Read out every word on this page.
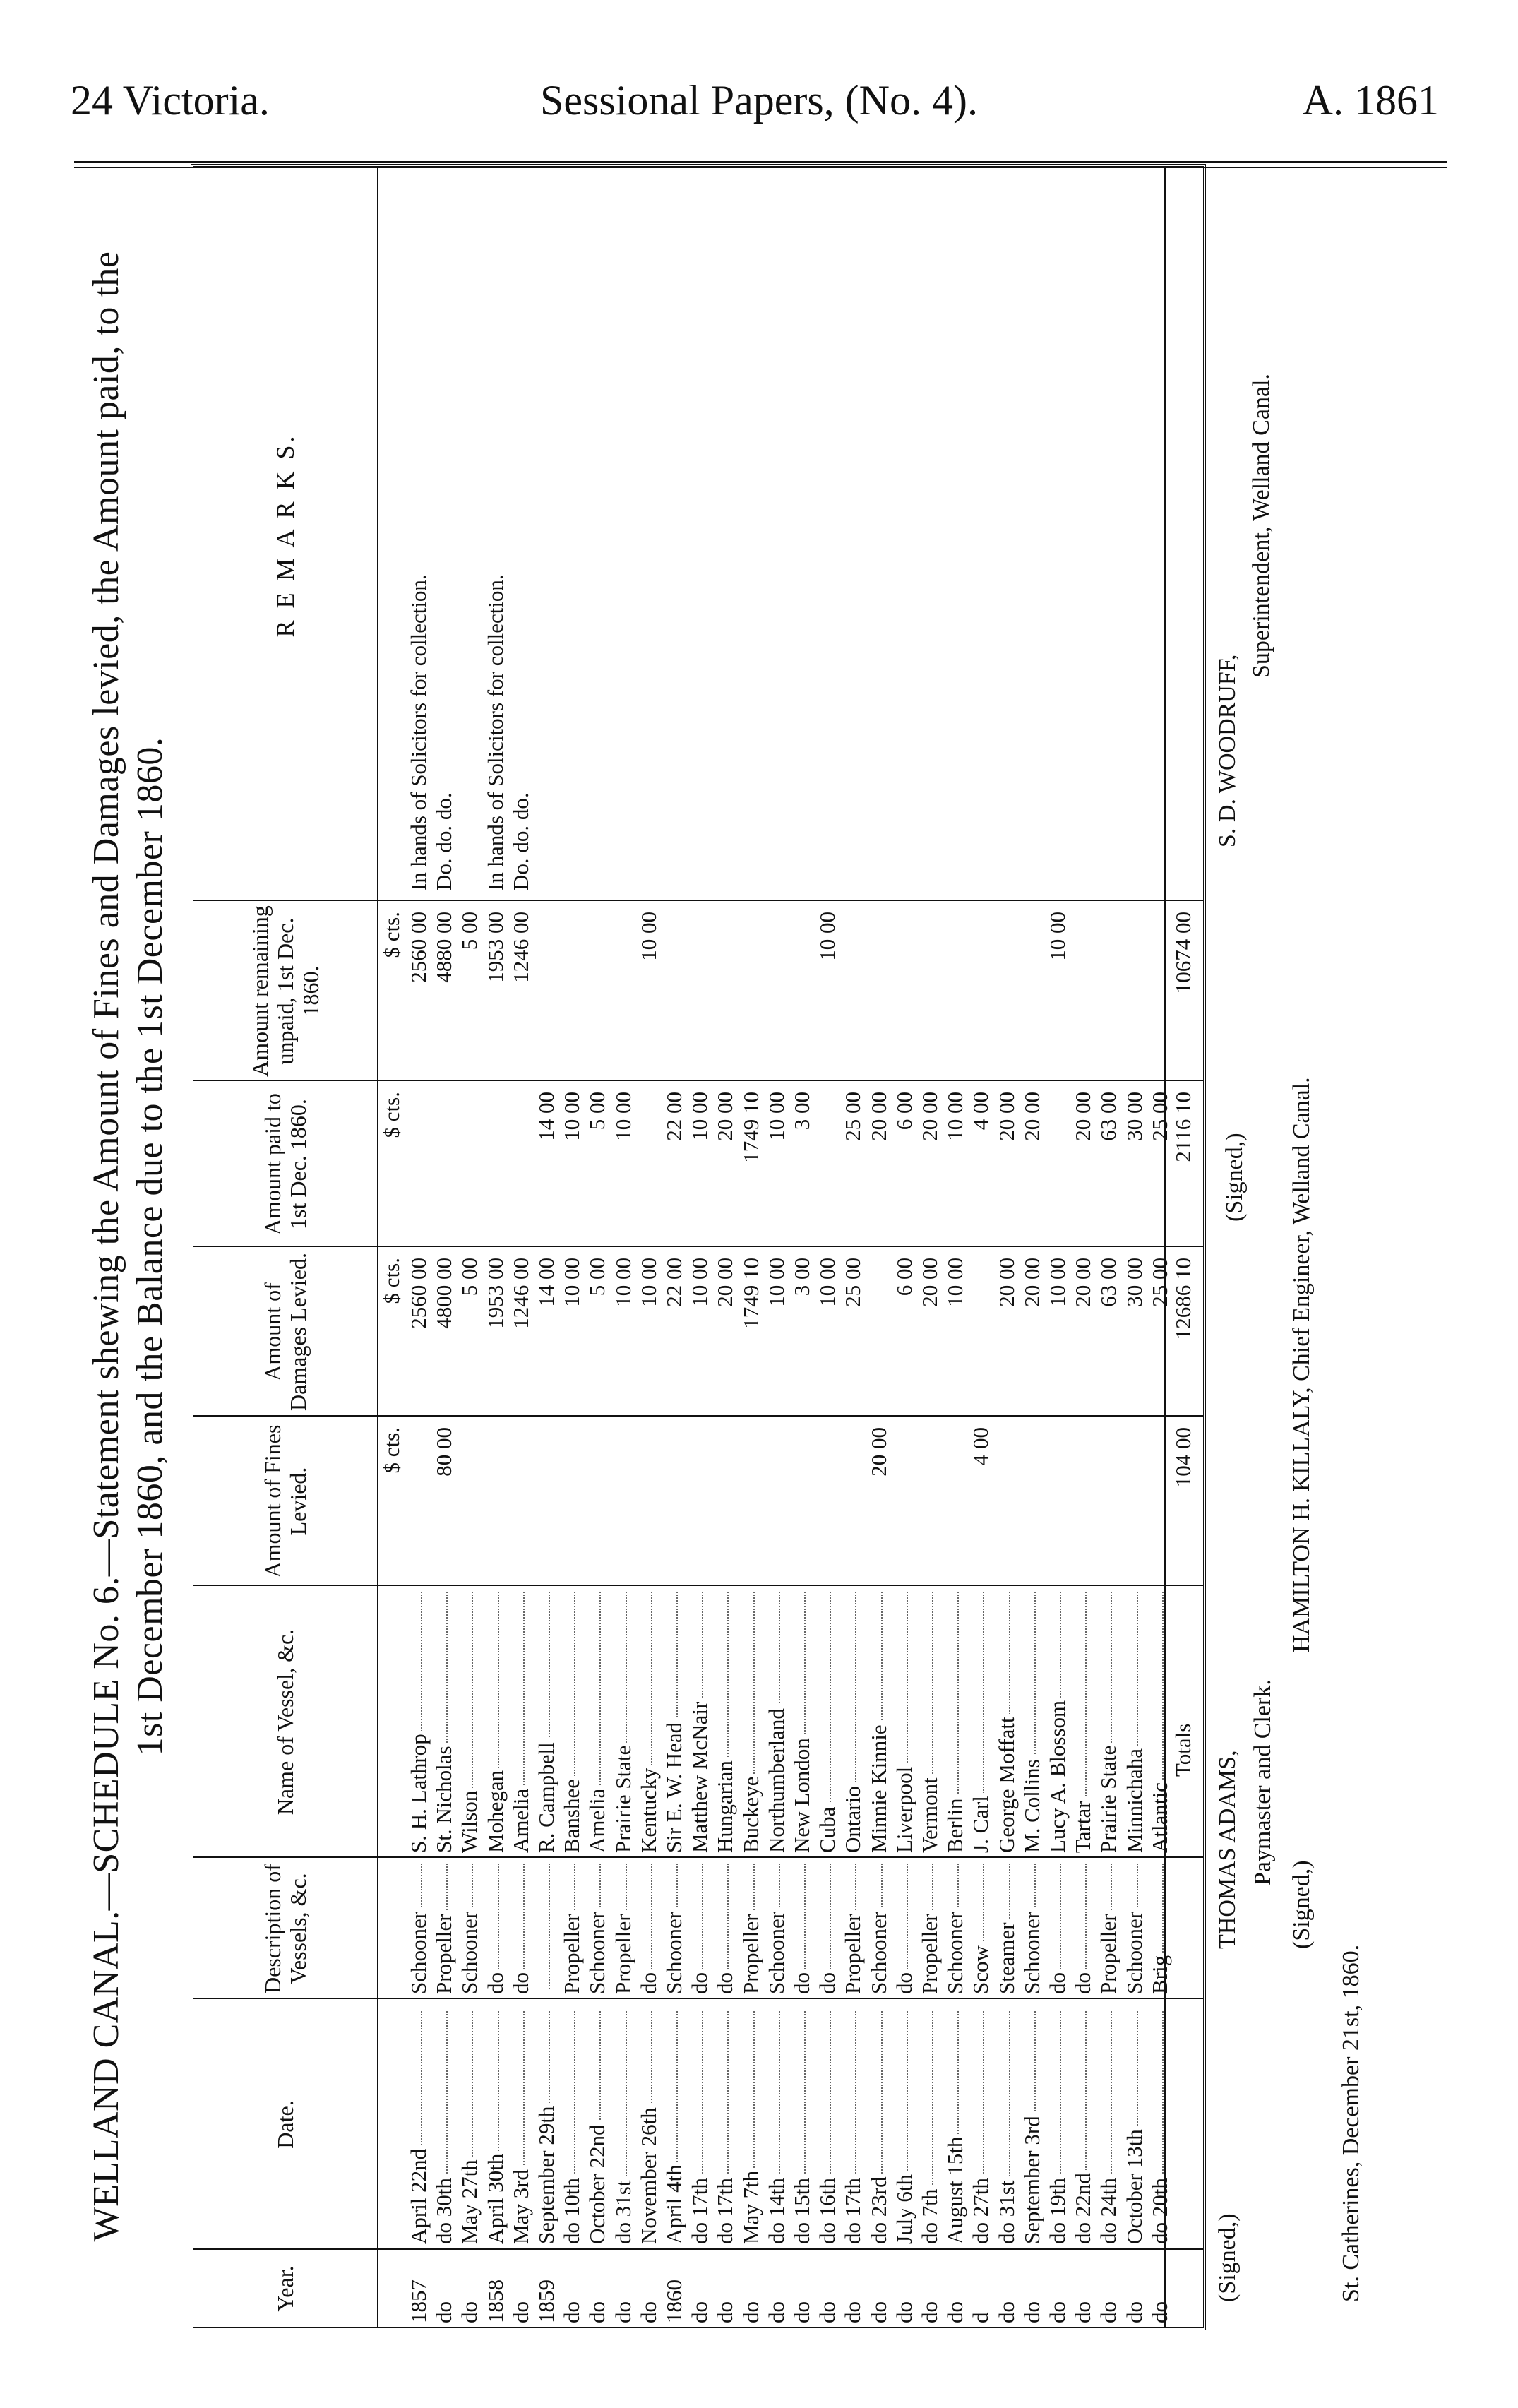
24 Victoria.	Sessional Papers, (No. 4).	A. 1861
WELLAND CANAL.—SCHEDULE No. 6.—Statement shewing the Amount of Fines and Damages levied, the Amount paid, to the 1st December 1860, and the Balance due to the 1st December 1860.
Year.
Date.
Description of Vessels, &c.
Name of Vessel, &c.
Amount of Fines Levied.
Amount of Damages Levied.
Amount paid to 1st Dec. 1860.
Amount remaining unpaid, 1st Dec. 1860.
R E M A R K S.
$ cts.
$ cts.
$ cts.
$ cts.
1857
April 22nd
Schooner
S. H. Lathrop
2560 00
2560 00
In hands of Solicitors for collection.
do
do 30th
Propeller
St. Nicholas
80 00
4800 00
4880 00
Do. do. do.
do
May 27th
Schooner
Wilson
5 00
5 00
1858
April 30th
do
Mohegan
1953 00
1953 00
In hands of Solicitors for collection.
do
May 3rd
do
Amelia
1246 00
1246 00
Do. do. do.
1859
September 29th
R. Campbell
14 00
14 00
do
do 10th
Propeller
Banshee
10 00
10 00
do
October 22nd
Schooner
Amelia
5 00
5 00
do
do 31st
Propeller
Prairie State
10 00
10 00
do
November 26th
do
Kentucky
10 00
10 00
1860
April 4th
Schooner
Sir E. W. Head
22 00
22 00
do
do 17th
do
Matthew McNair
10 00
10 00
do
do 17th
do
Hungarian
20 00
20 00
do
May 7th
Propeller
Buckeye
1749 10
1749 10
do
do 14th
Schooner
Northumberland
10 00
10 00
do
do 15th
do
New London
3 00
3 00
do
do 16th
do
Cuba
10 00
10 00
do
do 17th
Propeller
Ontario
25 00
25 00
do
do 23rd
Schooner
Minnie Kinnie
20 00
20 00
do
July 6th
do
Liverpool
6 00
6 00
do
do 7th
Propeller
Vermont
20 00
20 00
do
August 15th
Schooner
Berlin
10 00
10 00
d
do 27th
Scow
J. Carl
4 00
4 00
do
do 31st
Steamer
George Moffatt
20 00
20 00
do
September 3rd
Schooner
M. Collins
20 00
20 00
do
do 19th
do
Lucy A. Blossom
10 00
10 00
do
do 22nd
do
Tartar
20 00
20 00
do
do 24th
Propeller
Prairie State
63 00
63 00
do
October 13th
Schooner
Minnichaha
30 00
30 00
do
do 20th
Brig
Atlantic
25 00
25 00
Totals
104 00
12686 10
2116 10
10674 00
(Signed,)
THOMAS ADAMS, Paymaster and Clerk.
(Signed,)
S. D. WOODRUFF,
Superintendent, Welland Canal.
(Signed,)
HAMILTON H. KILLALY, Chief Engineer, Welland Canal.
St. Catherines, December 21st, 1860.
